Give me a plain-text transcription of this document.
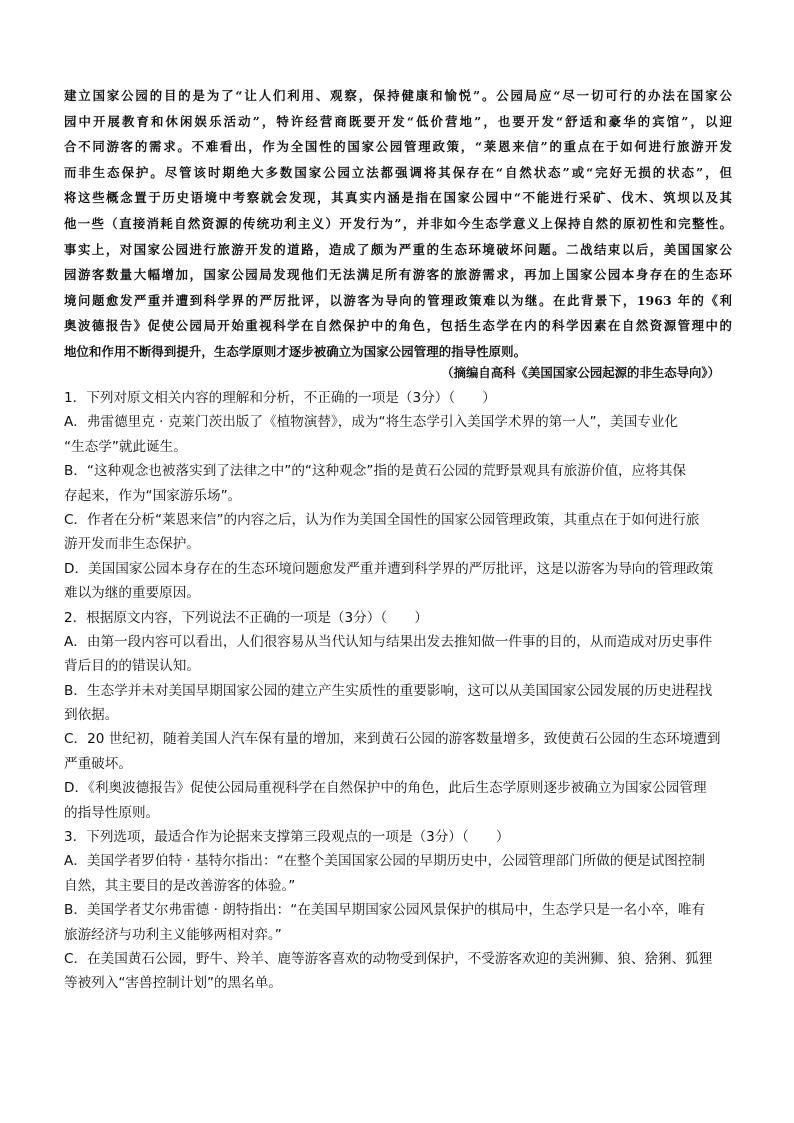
建立国家公园的目的是为了“让人们利用、观察，保持健康和愉悦”。公园局应“尽一切可行的办法在国家公
园中开展教育和休闲娱乐活动”，特许经营商既要开发“低价营地”，也要开发“舒适和豪华的宾馆”，以迎
合不同游客的需求。不难看出，作为全国性的国家公园管理政策，“莱恩来信”的重点在于如何进行旅游开发
而非生态保护。尽管该时期绝大多数国家公园立法都强调将其保存在“自然状态”或“完好无损的状态”，但
将这些概念置于历史语境中考察就会发现，其真实内涵是指在国家公园中“不能进行采矿、伐木、筑坝以及其
他一些（直接消耗自然资源的传统功利主义）开发行为”，并非如今生态学意义上保持自然的原初性和完整性。
事实上，对国家公园进行旅游开发的道路，造成了颇为严重的生态环境破坏问题。二战结束以后，美国国家公
园游客数量大幅增加，国家公园局发现他们无法满足所有游客的旅游需求，再加上国家公园本身存在的生态环
境问题愈发严重并遭到科学界的严厉批评，以游客为导向的管理政策难以为继。在此背景下，1963 年的《利
奥波德报告》促使公园局开始重视科学在自然保护中的角色，包括生态学在内的科学因素在自然资源管理中的
地位和作用不断得到提升，生态学原则才逐步被确立为国家公园管理的指导性原则。
（摘编自高科《美国国家公园起源的非生态导向》）
1．下列对原文相关内容的理解和分析，不正确的一项是（3分）（　　）
A．弗雷德里克 · 克莱门茨出版了《植物演替》，成为“将生态学引入美国学术界的第一人”，美国专业化
“生态学”就此诞生。
B．“这种观念也被落实到了法律之中”的“这种观念”指的是黄石公园的荒野景观具有旅游价值，应将其保
存起来，作为“国家游乐场”。
C．作者在分析“莱恩来信”的内容之后，认为作为美国全国性的国家公园管理政策，其重点在于如何进行旅
游开发而非生态保护。
D．美国国家公园本身存在的生态环境问题愈发严重并遭到科学界的严厉批评，这是以游客为导向的管理政策
难以为继的重要原因。
2．根据原文内容，下列说法不正确的一项是（3分）（　　）
A．由第一段内容可以看出，人们很容易从当代认知与结果出发去推知做一件事的目的，从而造成对历史事件
背后目的的错误认知。
B．生态学并未对美国早期国家公园的建立产生实质性的重要影响，这可以从美国国家公园发展的历史进程找
到依据。
C．20 世纪初，随着美国人汽车保有量的增加，来到黄石公园的游客数量增多，致使黄石公园的生态环境遭到
严重破坏。
D．《利奥波德报告》促使公园局重视科学在自然保护中的角色，此后生态学原则逐步被确立为国家公园管理
的指导性原则。
3．下列选项，最适合作为论据来支撑第三段观点的一项是（3分）（　　）
A．美国学者罗伯特 · 基特尔指出：“在整个美国国家公园的早期历史中，公园管理部门所做的便是试图控制
自然，其主要目的是改善游客的体验。”
B．美国学者艾尔弗雷德 · 朗特指出：“在美国早期国家公园风景保护的棋局中，生态学只是一名小卒，唯有
旅游经济与功利主义能够两相对弈。”
C．在美国黄石公园，野牛、羚羊、鹿等游客喜欢的动物受到保护，不受游客欢迎的美洲狮、狼、猞猁、狐狸
等被列入“害兽控制计划”的黑名单。
